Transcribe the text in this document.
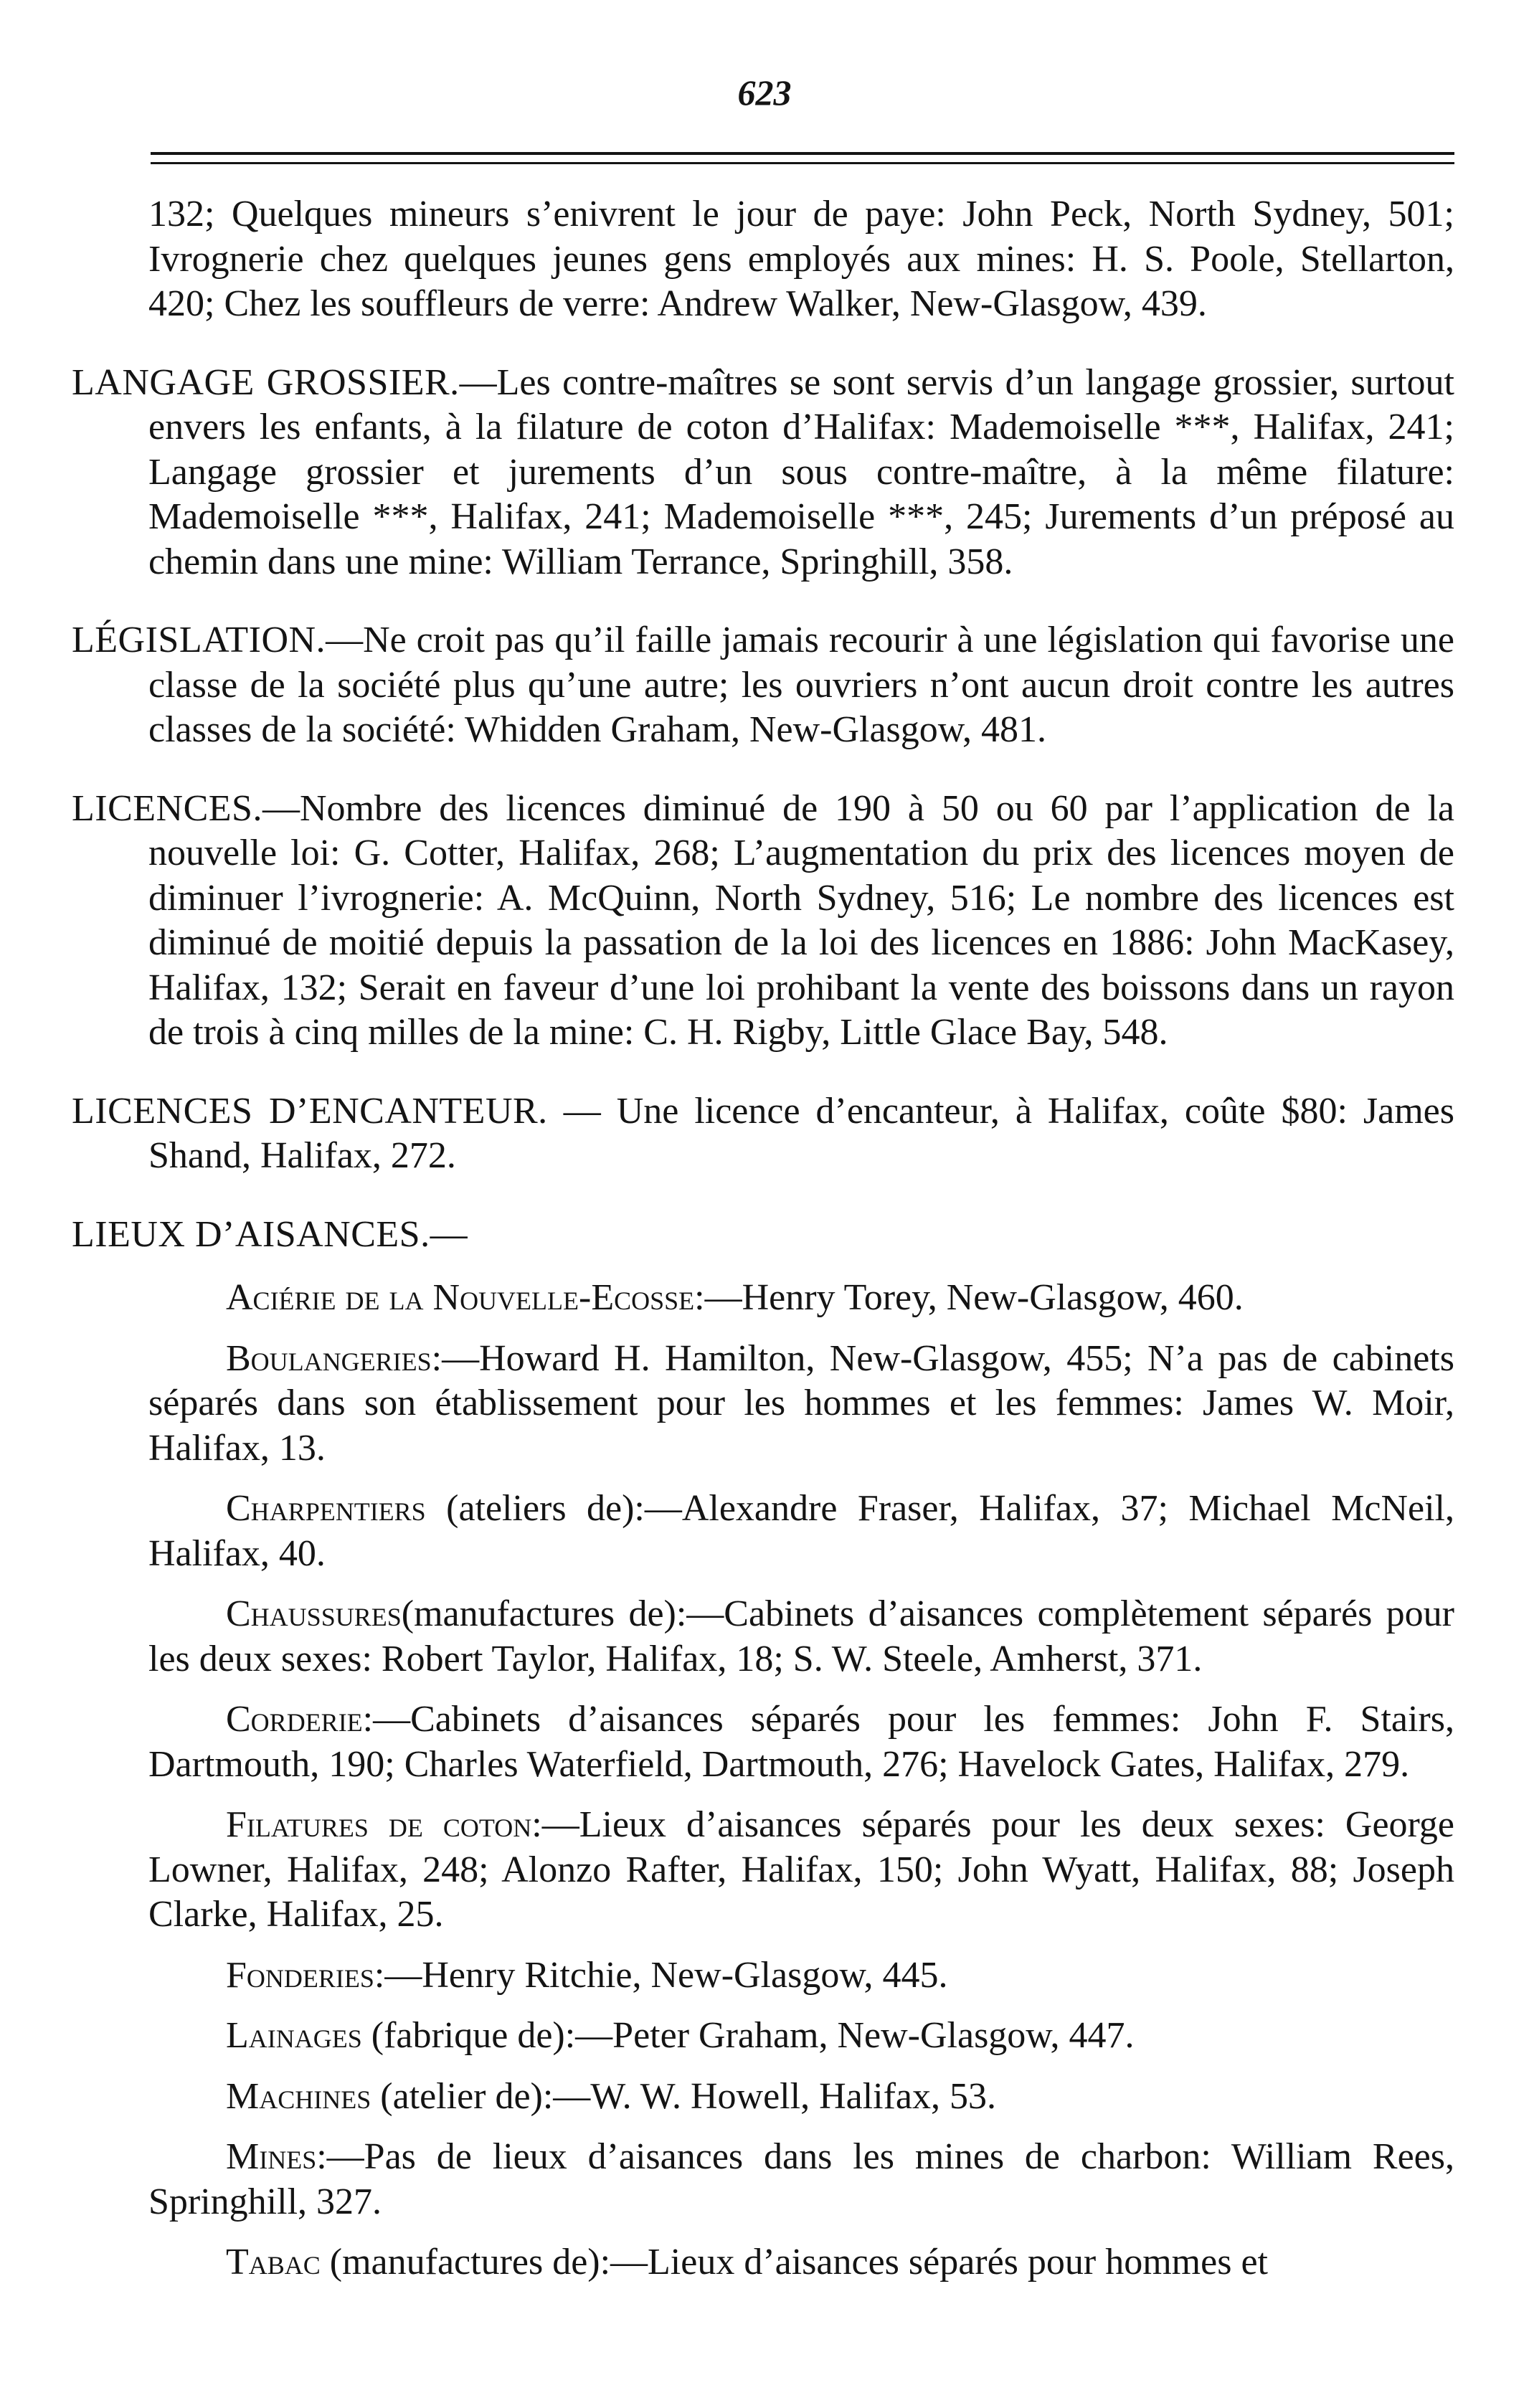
623

132; Quelques mineurs s’enivrent le jour de paye: John Peck, North Sydney, 501; Ivrognerie chez quelques jeunes gens employés aux mines: H. S. Poole, Stellarton, 420; Chez les souffleurs de verre: Andrew Walker, New-Glasgow, 439.

LANGAGE GROSSIER.—Les contre-maîtres se sont servis d’un langage grossier, surtout envers les enfants, à la filature de coton d’Halifax: Mademoiselle ***, Halifax, 241; Langage grossier et jurements d’un sous contre-maître, à la même filature: Mademoiselle ***, Halifax, 241; Mademoiselle ***, 245; Jurements d’un préposé au chemin dans une mine: William Terrance, Springhill, 358.

LÉGISLATION.—Ne croit pas qu’il faille jamais recourir à une législation qui favorise une classe de la société plus qu’une autre; les ouvriers n’ont aucun droit contre les autres classes de la société: Whidden Graham, New-Glasgow, 481.

LICENCES.—Nombre des licences diminué de 190 à 50 ou 60 par l’application de la nouvelle loi: G. Cotter, Halifax, 268; L’augmentation du prix des licences moyen de diminuer l’ivrognerie: A. McQuinn, North Sydney, 516; Le nombre des licences est diminué de moitié depuis la passation de la loi des licences en 1886: John MacKasey, Halifax, 132; Serait en faveur d’une loi prohibant la vente des boissons dans un rayon de trois à cinq milles de la mine: C. H. Rigby, Little Glace Bay, 548.

LICENCES D’ENCANTEUR. — Une licence d’encanteur, à Halifax, coûte $80: James Shand, Halifax, 272.

LIEUX D’AISANCES.—

Aciérie de la Nouvelle-Ecosse:—Henry Torey, New-Glasgow, 460.

Boulangeries:—Howard H. Hamilton, New-Glasgow, 455; N’a pas de cabinets séparés dans son établissement pour les hommes et les femmes: James W. Moir, Halifax, 13.

Charpentiers (ateliers de):—Alexandre Fraser, Halifax, 37; Michael McNeil, Halifax, 40.

Chaussures(manufactures de):—Cabinets d’aisances complètement séparés pour les deux sexes: Robert Taylor, Halifax, 18; S. W. Steele, Amherst, 371.

Corderie:—Cabinets d’aisances séparés pour les femmes: John F. Stairs, Dartmouth, 190; Charles Waterfield, Dartmouth, 276; Havelock Gates, Halifax, 279.

Filatures de coton:—Lieux d’aisances séparés pour les deux sexes: George Lowner, Halifax, 248; Alonzo Rafter, Halifax, 150; John Wyatt, Halifax, 88; Joseph Clarke, Halifax, 25.

Fonderies:—Henry Ritchie, New-Glasgow, 445.

Lainages (fabrique de):—Peter Graham, New-Glasgow, 447.

Machines (atelier de):—W. W. Howell, Halifax, 53.

Mines:—Pas de lieux d’aisances dans les mines de charbon: William Rees, Springhill, 327.

Tabac (manufactures de):—Lieux d’aisances séparés pour hommes et
